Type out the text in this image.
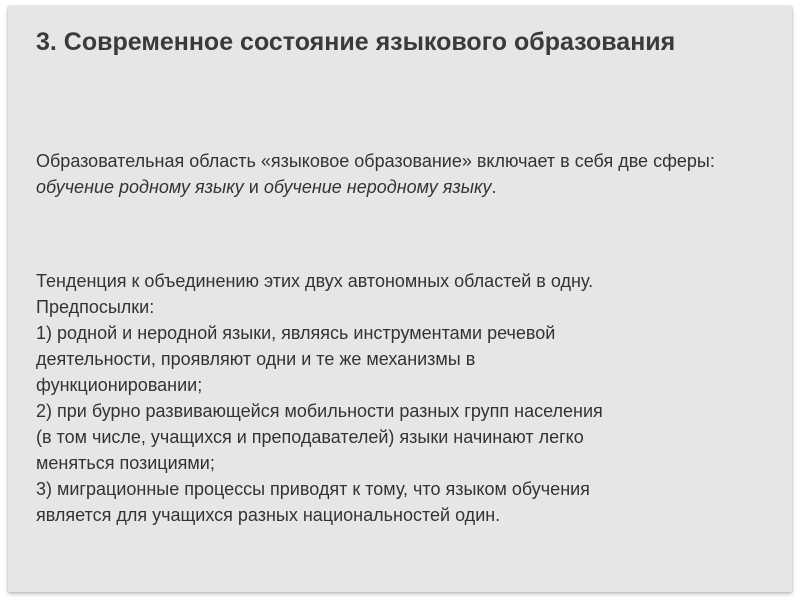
3. Современное состояние языкового образования

Образовательная область «языковое образование» включает в себя две сферы: обучение родному языку и обучение неродному языку.

Тенденция к объединению этих двух автономных областей в одну.
Предпосылки:
1) родной и неродной языки, являясь инструментами речевой
деятельности, проявляют одни и те же механизмы в
функционировании;
2) при бурно развивающейся мобильности разных групп населения
(в том числе, учащихся и преподавателей) языки начинают легко
меняться позициями;
3) миграционные процессы приводят к тому, что языком обучения
является для учащихся разных национальностей один.
